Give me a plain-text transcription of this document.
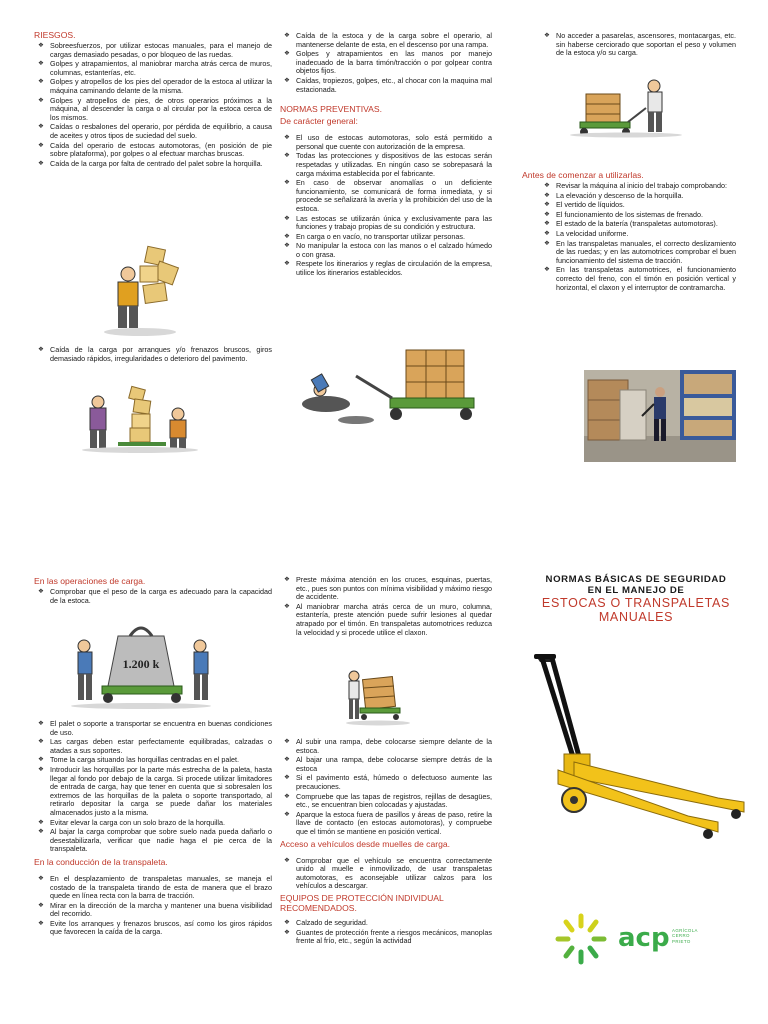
RIESGOS.
❖ Sobreesfuerzos, por utilizar estocas manuales, para el manejo de cargas demasiado pesadas, o por bloqueo de las ruedas.
❖ Golpes y atrapamientos, al maniobrar marcha atrás cerca de muros, columnas, estanterías, etc.
❖ Golpes y atropellos de los pies del operador de la estoca al utilizar la máquina caminando delante de la misma.
❖ Golpes y atropellos de pies, de otros operarios próximos a la máquina, al descender la carga o al circular por la estoca cerca de los mismos.
❖ Caídas o resbalones del operario, por pérdida de equilibrio, a causa de aceites y otros tipos de suciedad del suelo.
❖ Caída del operario de estocas automotoras, (en posición de pie sobre plataforma), por golpes o al efectuar marchas bruscas.
❖ Caída de la carga por falta de centrado del palet sobre la horquilla.
❖ Caída de la carga por arranques y/o frenazos bruscos, giros demasiado rápidos, irregularidades o deterioro del pavimento.
❖ Caída de la estoca y de la carga sobre el operario, al mantenerse delante de esta, en el descenso por una rampa.
❖ Golpes y atrapamientos en las manos por manejo inadecuado de la barra timón/tracción o por golpear contra objetos fijos.
❖ Caídas, tropiezos, golpes, etc., al chocar con la maquina mal estacionada.
NORMAS PREVENTIVAS.
De carácter general:
❖ El uso de estocas automotoras, solo está permitido a personal que cuente con autorización de la empresa.
❖ Todas las protecciones y dispositivos de las estocas serán respetadas y utilizadas. En ningún caso se sobrepasará la carga máxima establecida por el fabricante.
❖ En caso de observar anomalías o un deficiente funcionamiento, se comunicará de forma inmediata, y si procede se señalizará la avería y la prohibición del uso de la estoca.
❖ Las estocas se utilizarán única y exclusivamente para las funciones y trabajo propias de su condición y estructura.
❖ En carga o en vacío, no transportar utilizar personas.
❖ No manipular la estoca con las manos o el calzado húmedo o con grasa.
❖ Respete los itinerarios y reglas de circulación de la empresa, utilice los itinerarios establecidos.
❖ No acceder a pasarelas, ascensores, montacargas, etc. sin haberse cerciorado que soportan el peso y volumen de la estoca y/o su carga.
Antes de comenzar a utilizarlas.
❖ Revisar la máquina al inicio del trabajo comprobando:
❖ La elevación y descenso de la horquilla.
❖ El vertido de líquidos.
❖ El funcionamiento de los sistemas de frenado.
❖ El estado de la batería (transpaletas automotoras).
❖ La velocidad uniforme.
❖ En las transpaletas manuales, el correcto deslizamiento de las ruedas; y en las automotrices comprobar el buen funcionamiento del sistema de tracción.
❖ En las transpaletas automotrices, el funcionamiento correcto del freno, con el timón en posición vertical y horizontal, el claxon y el interruptor de contramarcha.
En las operaciones de carga.
❖ Comprobar que el peso de la carga es adecuado para la capacidad de la estoca.
1.200 k
❖ El palet o soporte a transportar se encuentra en buenas condiciones de uso.
❖ Las cargas deben estar perfectamente equilibradas, calzadas o atadas a sus soportes.
❖ Tome la carga situando las horquillas centradas en el palet.
❖ Introducir las horquillas por la parte más estrecha de la paleta, hasta llegar al fondo por debajo de la carga. Si procede utilizar limitadores de entrada de carga, hay que tener en cuenta que si sobresalen los extremos de las horquillas de la paleta o soporte transportado, al retirarlo depositar la carga se puede dañar los materiales almacenados justo a la misma.
❖ Evitar elevar la carga con un solo brazo de la horquilla.
❖ Al bajar la carga comprobar que sobre suelo nada pueda dañarlo o desestabilizarla, verificar que nadie haga el pie cerca de la transpaleta.
En la conducción de la transpaleta.
❖ En el desplazamiento de transpaletas manuales, se maneja el costado de la transpaleta tirando de esta de manera que el brazo quede en línea recta con la barra de tracción.
❖ Mirar en la dirección de la marcha y mantener una buena visibilidad del recorrido.
❖ Evite los arranques y frenazos bruscos, así como los giros rápidos que favorecen la caída de la carga.
❖ Preste máxima atención en los cruces, esquinas, puertas, etc., pues son puntos con mínima visibilidad y máximo riesgo de accidente.
❖ Al maniobrar marcha atrás cerca de un muro, columna, estantería, preste atención puede sufrir lesiones al quedar atrapado por el timón. En transpaletas automotrices reduzca la velocidad y si procede utilice el claxon.
❖ Al subir una rampa, debe colocarse siempre delante de la estoca.
❖ Al bajar una rampa, debe colocarse siempre detrás de la estoca
❖ Si el pavimento está, húmedo o defectuoso aumente las precauciones.
❖ Compruebe que las tapas de registros, rejillas de desagües, etc., se encuentran bien colocadas y ajustadas.
❖ Aparque la estoca fuera de pasillos y áreas de paso, retire la llave de contacto (en estocas automotoras), y compruebe que el timón se mantiene en posición vertical.
Acceso a vehículos desde muelles de carga.
❖ Comprobar que el vehículo se encuentra correctamente unido al muelle e inmovilizado, de usar transpaletas automotoras, es aconsejable utilizar calzos para los vehículos a descargar.
EQUIPOS DE PROTECCIÓN INDIVIDUAL RECOMENDADOS.
❖ Calzado de seguridad.
❖ Guantes de protección frente a riesgos mecánicos, manoplas frente al frío, etc., según la actividad
NORMAS BÁSICAS DE SEGURIDAD
EN EL MANEJO DE
ESTOCAS O TRANSPALETAS
MANUALES
acp AGRÍCOLA
CERRO
PRIETO
